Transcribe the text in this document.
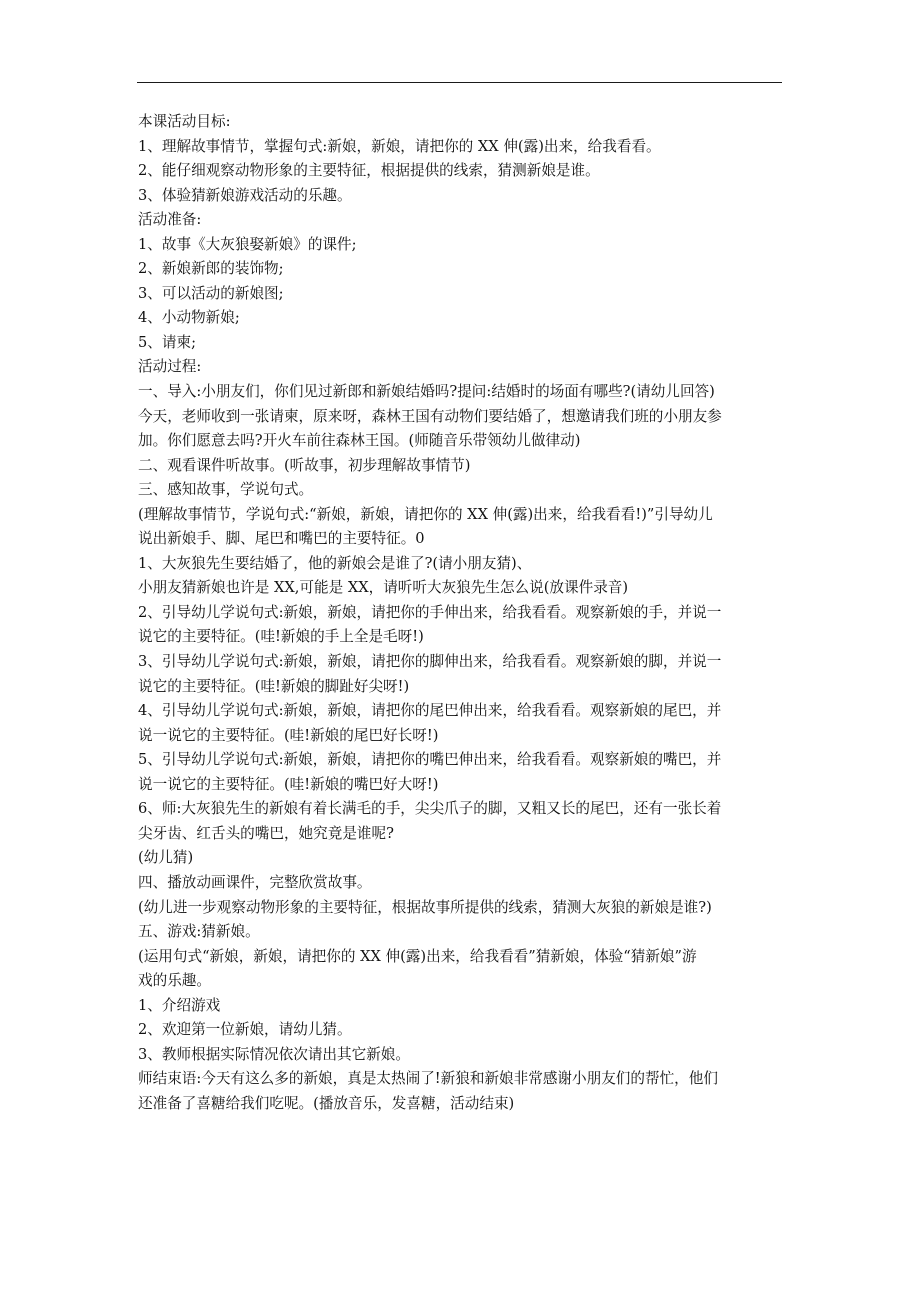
本课活动目标:
1、理解故事情节，掌握句式:新娘，新娘，请把你的 XX 伸(露)出来，给我看看。
2、能仔细观察动物形象的主要特征，根据提供的线索，猜测新娘是谁。
3、体验猜新娘游戏活动的乐趣。
活动准备:
1、故事《大灰狼娶新娘》的课件;
2、新娘新郎的装饰物;
3、可以活动的新娘图;
4、小动物新娘;
5、请柬;
活动过程:
一、导入:小朋友们，你们见过新郎和新娘结婚吗?提问:结婚时的场面有哪些?(请幼儿回答)
今天，老师收到一张请柬，原来呀，森林王国有动物们要结婚了，想邀请我们班的小朋友参
加。你们愿意去吗?开火车前往森林王国。(师随音乐带领幼儿做律动)
二、观看课件听故事。(听故事，初步理解故事情节)
三、感知故事，学说句式。
(理解故事情节，学说句式:“新娘，新娘，请把你的 XX 伸(露)出来，给我看看!)”引导幼儿
说出新娘手、脚、尾巴和嘴巴的主要特征。0
1、大灰狼先生要结婚了，他的新娘会是谁了?(请小朋友猜)、
小朋友猜新娘也许是 XX,可能是 XX，请听听大灰狼先生怎么说(放课件录音)
2、引导幼儿学说句式:新娘，新娘，请把你的手伸出来，给我看看。观察新娘的手，并说一
说它的主要特征。(哇!新娘的手上全是毛呀!)
3、引导幼儿学说句式:新娘，新娘，请把你的脚伸出来，给我看看。观察新娘的脚，并说一
说它的主要特征。(哇!新娘的脚趾好尖呀!)
4、引导幼儿学说句式:新娘，新娘，请把你的尾巴伸出来，给我看看。观察新娘的尾巴，并
说一说它的主要特征。(哇!新娘的尾巴好长呀!)
5、引导幼儿学说句式:新娘，新娘，请把你的嘴巴伸出来，给我看看。观察新娘的嘴巴，并
说一说它的主要特征。(哇!新娘的嘴巴好大呀!)
6、师:大灰狼先生的新娘有着长满毛的手，尖尖爪子的脚，又粗又长的尾巴，还有一张长着
尖牙齿、红舌头的嘴巴，她究竟是谁呢?
(幼儿猜)
四、播放动画课件，完整欣赏故事。
(幼儿进一步观察动物形象的主要特征，根据故事所提供的线索，猜测大灰狼的新娘是谁?)
五、游戏:猜新娘。
(运用句式“新娘，新娘，请把你的 XX 伸(露)出来，给我看看”猜新娘，体验“猜新娘”游
戏的乐趣。
1、介绍游戏
2、欢迎第一位新娘，请幼儿猜。
3、教师根据实际情况依次请出其它新娘。
师结束语:今天有这么多的新娘，真是太热闹了!新狼和新娘非常感谢小朋友们的帮忙，他们
还准备了喜糖给我们吃呢。(播放音乐，发喜糖，活动结束)
